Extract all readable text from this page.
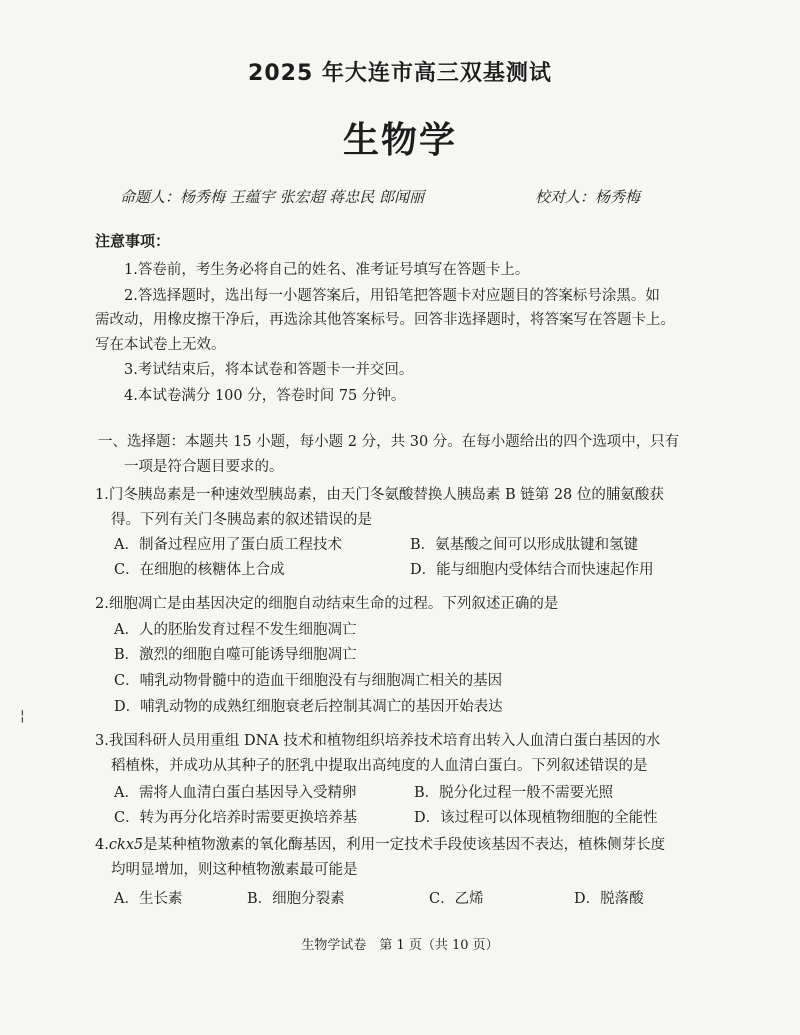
2025 年大连市高三双基测试
生物学
命题人：杨秀梅 王蕴宇 张宏超 蒋忠民 郎闻丽	校对人：杨秀梅
注意事项：
1.答卷前，考生务必将自己的姓名、准考证号填写在答题卡上。
2.答选择题时，选出每一小题答案后，用铅笔把答题卡对应题目的答案标号涂黑。如
需改动，用橡皮擦干净后，再选涂其他答案标号。回答非选择题时，将答案写在答题卡上。
写在本试卷上无效。
3.考试结束后，将本试卷和答题卡一并交回。
4.本试卷满分 100 分，答卷时间 75 分钟。
一、选择题：本题共 15 小题，每小题 2 分，共 30 分。在每小题给出的四个选项中，只有
一项是符合题目要求的。
1.门冬胰岛素是一种速效型胰岛素，由天门冬氨酸替换人胰岛素 B 链第 28 位的脯氨酸获
得。下列有关门冬胰岛素的叙述错误的是
A．制备过程应用了蛋白质工程技术	B．氨基酸之间可以形成肽键和氢键
C．在细胞的核糖体上合成	D．能与细胞内受体结合而快速起作用
2.细胞凋亡是由基因决定的细胞自动结束生命的过程。下列叙述正确的是
A．人的胚胎发育过程不发生细胞凋亡
B．激烈的细胞自噬可能诱导细胞凋亡
C．哺乳动物骨髓中的造血干细胞没有与细胞凋亡相关的基因
D．哺乳动物的成熟红细胞衰老后控制其凋亡的基因开始表达
¦
3.我国科研人员用重组 DNA 技术和植物组织培养技术培育出转入人血清白蛋白基因的水
稻植株，并成功从其种子的胚乳中提取出高纯度的人血清白蛋白。下列叙述错误的是
A．需将人血清白蛋白基因导入受精卵	B．脱分化过程一般不需要光照
C．转为再分化培养时需要更换培养基	D．该过程可以体现植物细胞的全能性
4.ckx5是某种植物激素的氧化酶基因，利用一定技术手段使该基因不表达，植株侧芽长度
均明显增加，则这种植物激素最可能是
A．生长素	B．细胞分裂素	C．乙烯	D．脱落酸
生物学试卷　第 1 页（共 10 页）
